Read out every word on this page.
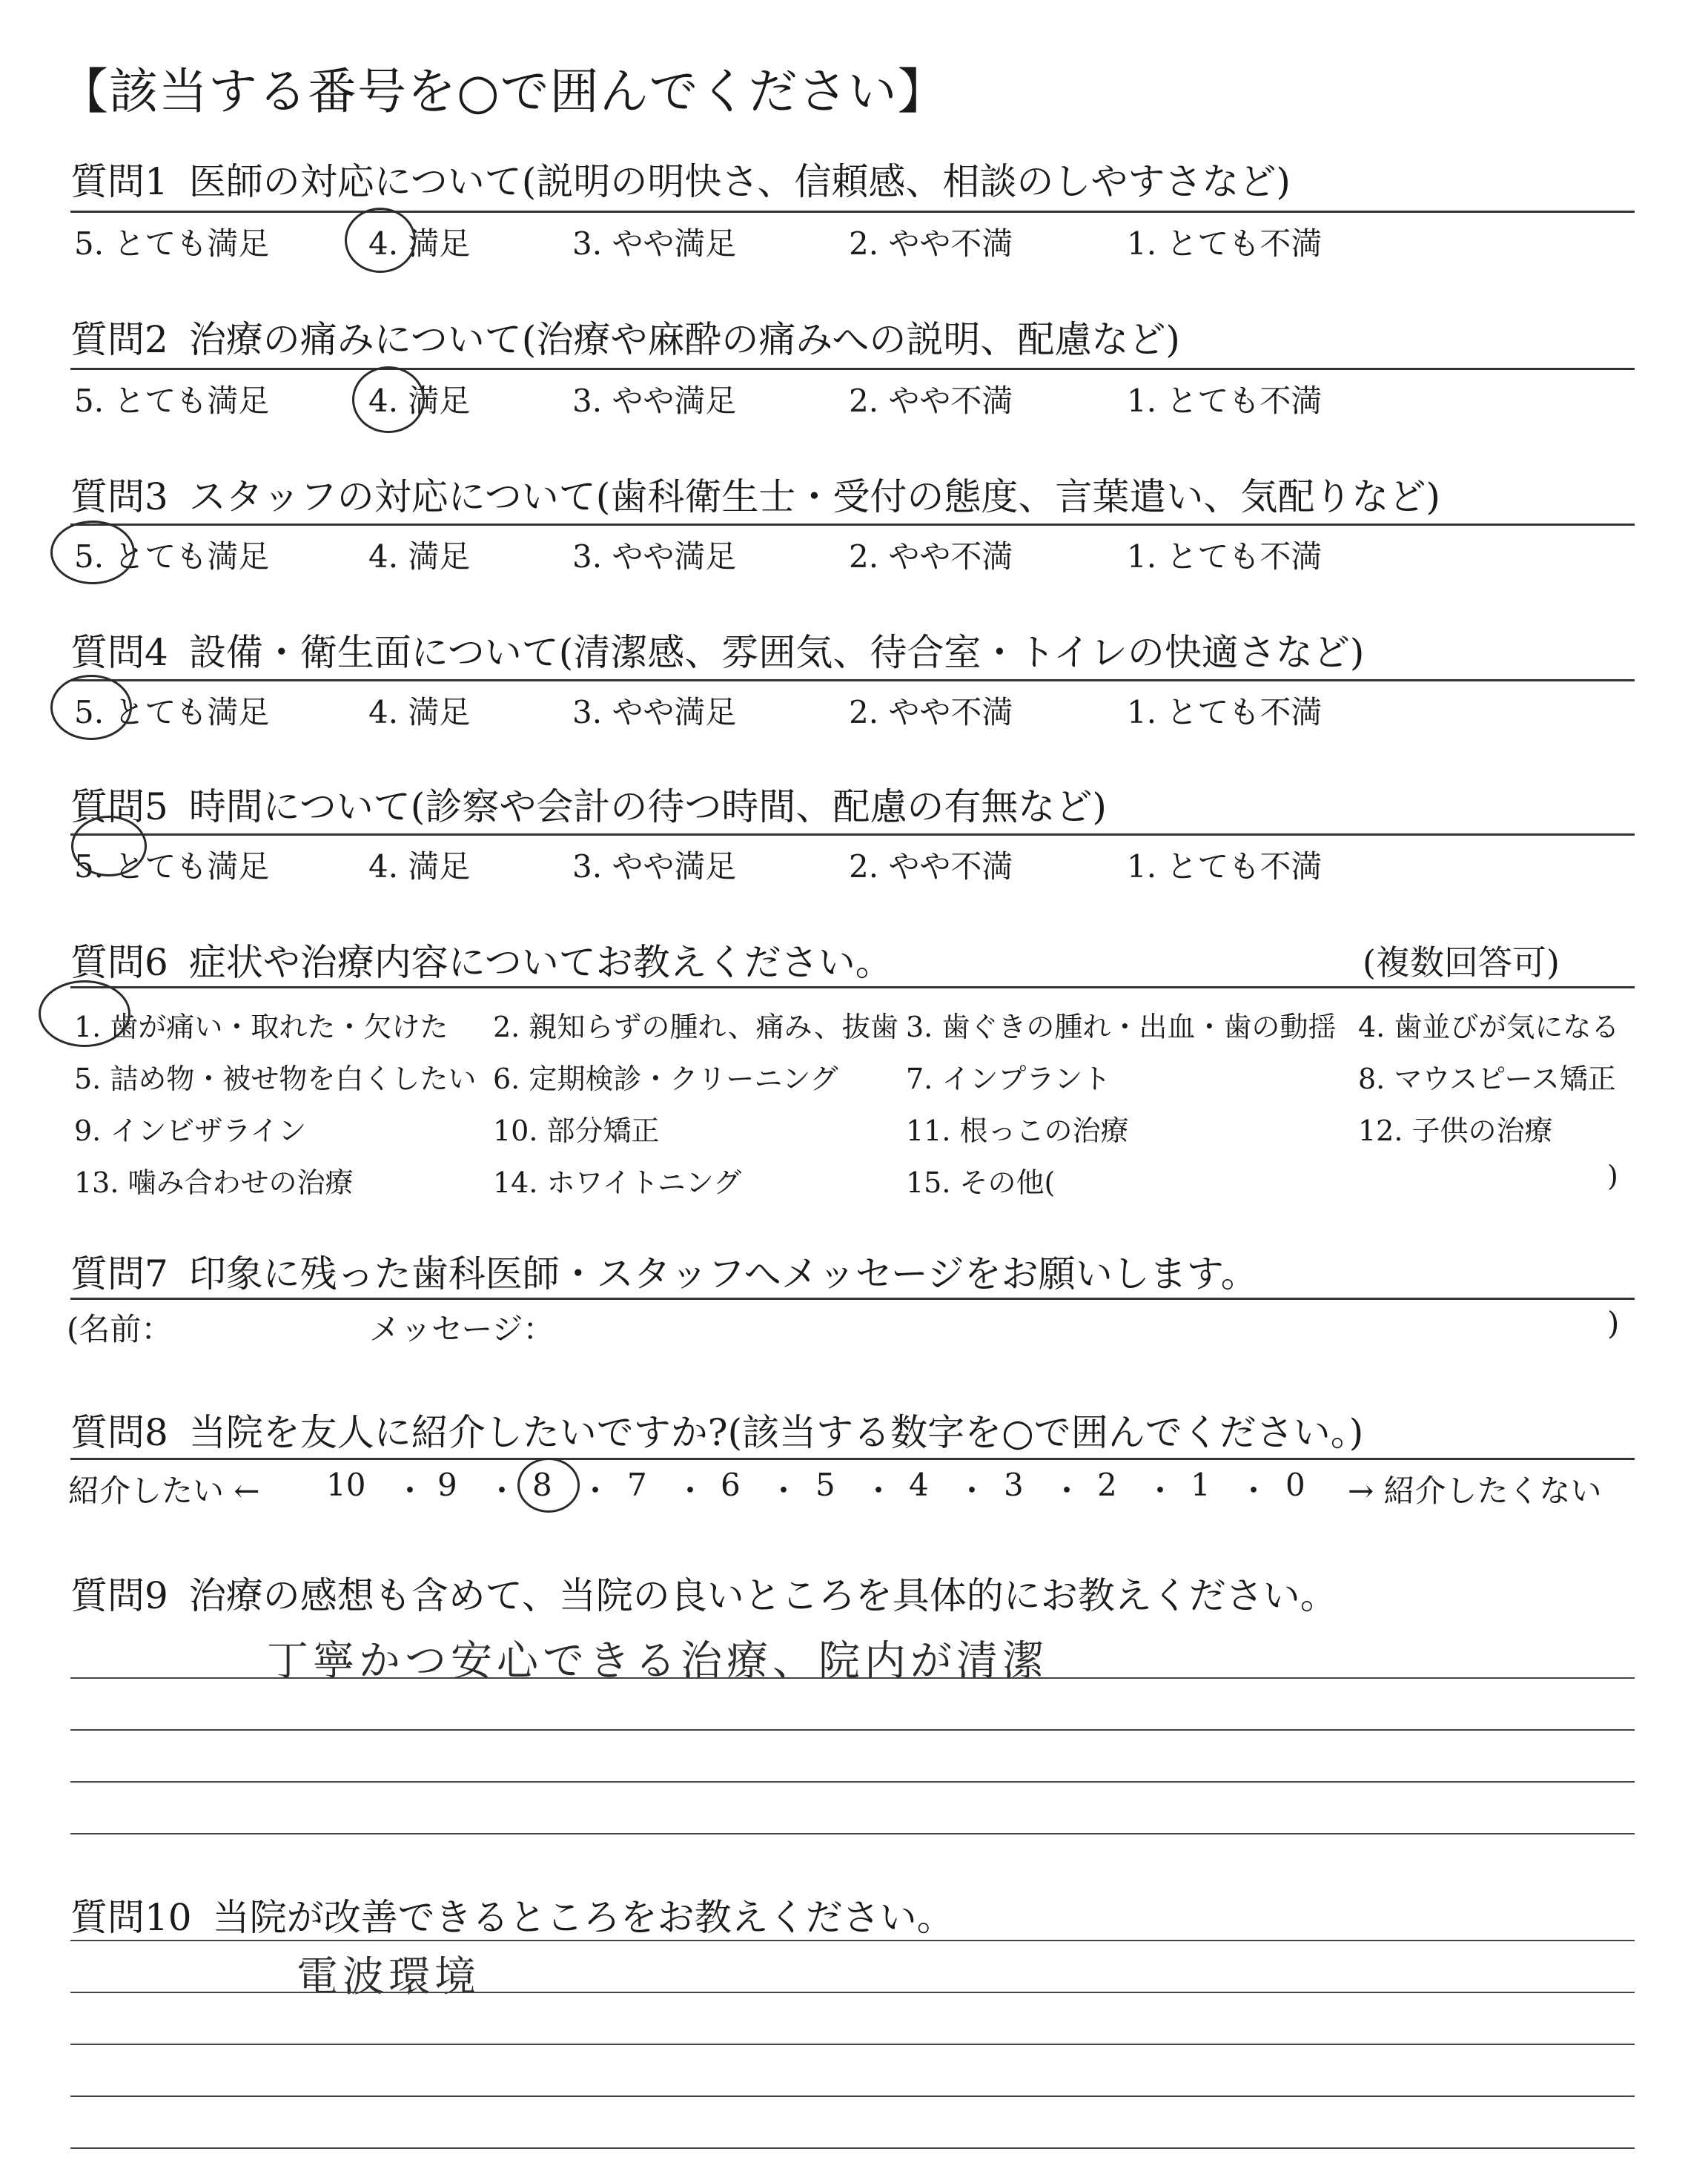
【該当する番号を○で囲んでください】
質問1 医師の対応について(説明の明快さ、信頼感、相談のしやすさなど)
5. とても満足	4. 満足	3. やや満足	2. やや不満	1. とても不満
質問2 治療の痛みについて(治療や麻酔の痛みへの説明、配慮など)
5. とても満足	4. 満足	3. やや満足	2. やや不満	1. とても不満
質問3 スタッフの対応について(歯科衛生士・受付の態度、言葉遣い、気配りなど)
5. とても満足	4. 満足	3. やや満足	2. やや不満	1. とても不満
質問4 設備・衛生面について(清潔感、雰囲気、待合室・トイレの快適さなど)
5. とても満足	4. 満足	3. やや満足	2. やや不満	1. とても不満
質問5 時間について(診察や会計の待つ時間、配慮の有無など)
5. とても満足	4. 満足	3. やや満足	2. やや不満	1. とても不満
質問6 症状や治療内容についてお教えください。	(複数回答可)
1. 歯が痛い・取れた・欠けた 2. 親知らずの腫れ、痛み、抜歯 3. 歯ぐきの腫れ・出血・歯の動揺 4. 歯並びが気になる
5. 詰め物・被せ物を白くしたい 6. 定期検診・クリーニング 7. インプラント	8. マウスピース矯正
9. インビザライン	10. 部分矯正	11. 根っこの治療	12. 子供の治療
13. 噛み合わせの治療	14. ホワイトニング	15. その他(	)
質問7 印象に残った歯科医師・スタッフへメッセージをお願いします。
(名前：	メッセージ：	)
質問8 当院を友人に紹介したいですか?(該当する数字を○で囲んでください。)
紹介したい ←	→ 紹介したくない
10 ・ 9 ・ 8 ・ 7 ・ 6 ・ 5 ・ 4 ・ 3 ・ 2 ・ 1 ・ 0
質問9 治療の感想も含めて、当院の良いところを具体的にお教えください。
丁寧かつ安心できる治療、院内が清潔
質問10 当院が改善できるところをお教えください。
電波環境
